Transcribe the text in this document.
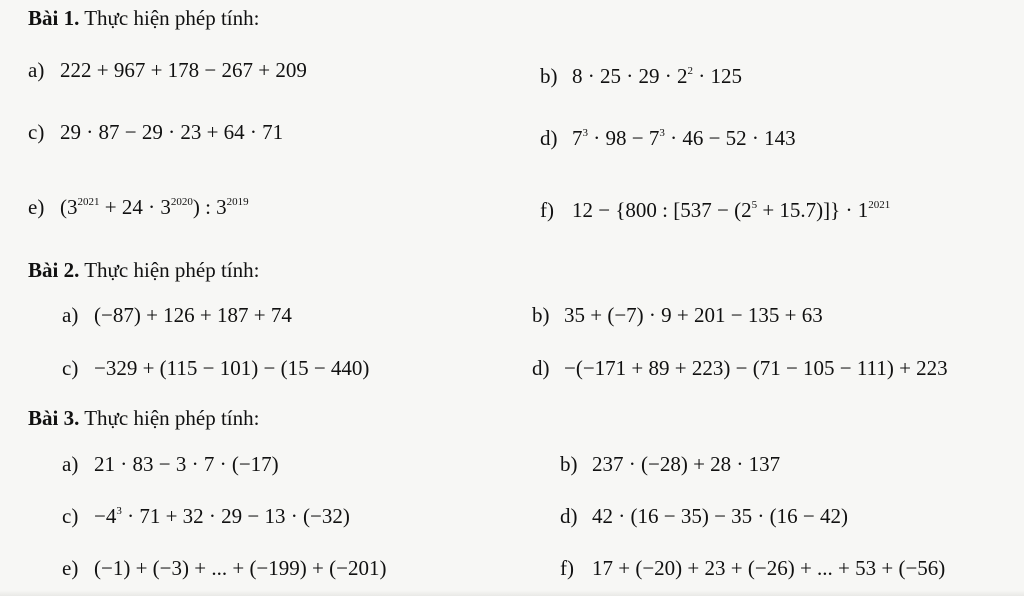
Bài 1. Thực hiện phép tính:
a) 222 + 967 + 178 − 267 + 209	b) $8 \cdot 25 \cdot 29 \cdot 2^2 \cdot 125$
c) 29 · 87 − 29 · 23 + 64 · 71	d) $7^3 \cdot 98 - 7^3 \cdot 46 - 52 \cdot 143$
e) $(3^{2021} + 24 \cdot 3^{2020})$ : $3^{2019}$	f) 12 − {800 : $[537 - (2^5 + 15.7)]\} \cdot 1^{2021}$
Bài 2. Thực hiện phép tính:
a) (−87) + 126 + 187 + 74	b) 35 + (−7) · 9 + 201 − 135 + 63
c) −329 + (115 − 101) − (15 − 440)	d) −(−171 + 89 + 223) − (71 − 105 − 111) + 223
Bài 3. Thực hiện phép tính:
a) 21 · 83 − 3 · 7 · (−17)	b) 237 · (−28) + 28 · 137
$c) -4^3 \cdot 71 + 32 \cdot 29 - 13 \cdot (-32)$	d) 42 · (16 − 35) − 35 · (16 − 42)
e) (−1) + (−3) + ... + (−199) + (−201)	f) 17 + (−20) + 23 + (−26) + ... + 53 + (−56)
